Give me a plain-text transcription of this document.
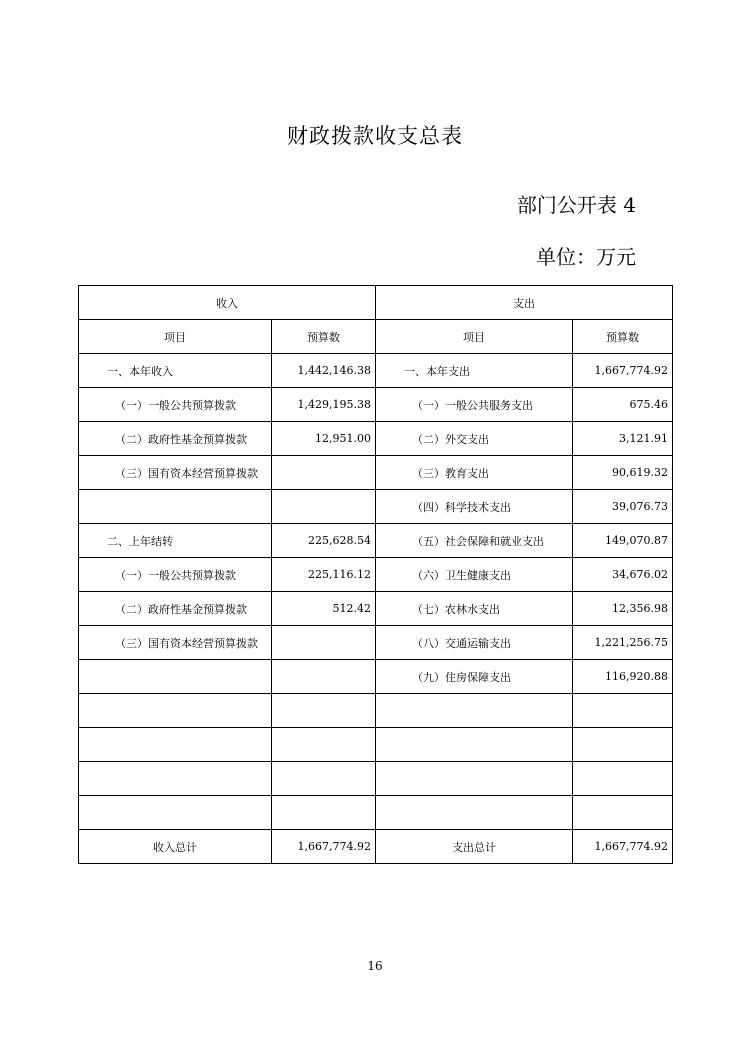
财政拨款收支总表
部门公开表 4
单位：万元
收入		支出	
项目	预算数	项目	预算数
一、本年收入	1,442,146.38	一、本年支出	1,667,774.92
（一）一般公共预算拨款	1,429,195.38	（一）一般公共服务支出	675.46
（二）政府性基金预算拨款	12,951.00	（二）外交支出	3,121.91
（三）国有资本经营预算拨款		（三）教育支出	90,619.32
		（四）科学技术支出	39,076.73
二、上年结转	225,628.54	（五）社会保障和就业支出	149,070.87
（一）一般公共预算拨款	225,116.12	（六）卫生健康支出	34,676.02
（二）政府性基金预算拨款	512.42	（七）农林水支出	12,356.98
（三）国有资本经营预算拨款		（八）交通运输支出	1,221,256.75
		（九）住房保障支出	116,920.88

收入总计	1,667,774.92	支出总计	1,667,774.92
16
